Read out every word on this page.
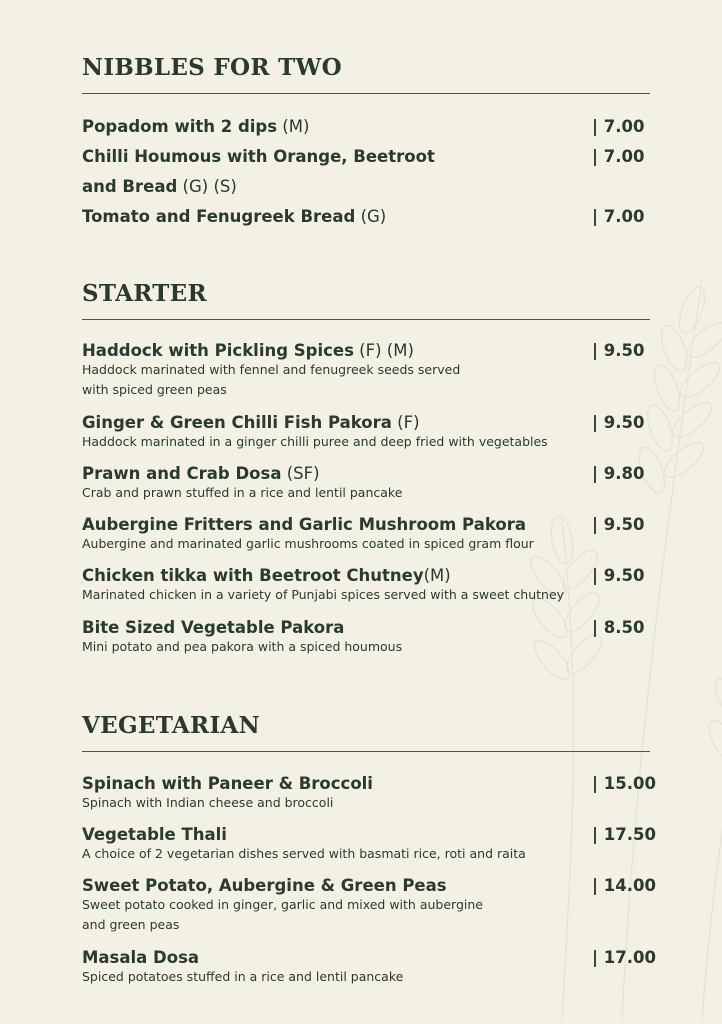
NIBBLES FOR TWO
Popadom with 2 dips (M)	| 7.00
Chilli Houmous with Orange, Beetroot	| 7.00
and Bread (G) (S)
Tomato and Fenugreek Bread (G)	| 7.00
STARTER
Haddock with Pickling Spices (F) (M)	| 9.50
Haddock marinated with fennel and fenugreek seeds served
with spiced green peas
Ginger & Green Chilli Fish Pakora (F)	| 9.50
Haddock marinated in a ginger chilli puree and deep fried with vegetables
Prawn and Crab Dosa (SF)	| 9.80
Crab and prawn stuffed in a rice and lentil pancake
Aubergine Fritters and Garlic Mushroom Pakora	| 9.50
Aubergine and marinated garlic mushrooms coated in spiced gram flour
Chicken tikka with Beetroot Chutney(M)	| 9.50
Marinated chicken in a variety of Punjabi spices served with a sweet chutney
Bite Sized Vegetable Pakora	| 8.50
Mini potato and pea pakora with a spiced houmous
VEGETARIAN
Spinach with Paneer & Broccoli	| 15.00
Spinach with Indian cheese and broccoli
Vegetable Thali	| 17.50
A choice of 2 vegetarian dishes served with basmati rice, roti and raita
Sweet Potato, Aubergine & Green Peas	| 14.00
Sweet potato cooked in ginger, garlic and mixed with aubergine
and green peas
Masala Dosa	| 17.00
Spiced potatoes stuffed in a rice and lentil pancake
